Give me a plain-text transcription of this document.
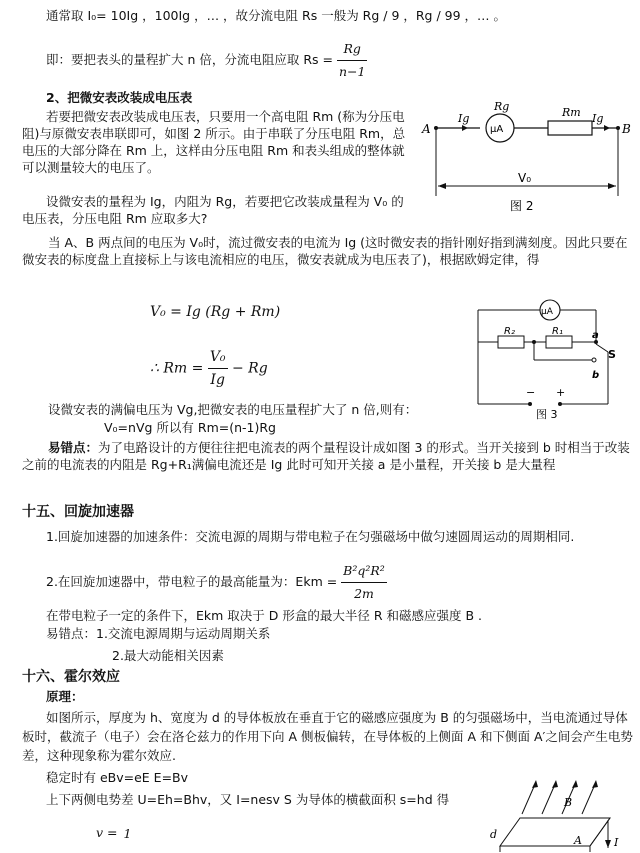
通常取 I₀= 10Ig ，100Ig ，… ，故分流电阻 Rs 一般为 Rg / 9 ，Rg / 99 ，… 。
即：要把表头的量程扩大 n 倍，分流电阻应取 $Rs = \frac{Rg}{n-1}$
2、把微安表改装成电压表
若要把微安表改装成电压表，只要用一个高电阻 Rm (称为分压电阻)与原微安表串联即可，如图 2 所示。由于串联了分压电阻 Rm，总电压的大部分降在 Rm 上，这样由分压电阻 Rm 和表头组成的整体就可以测量较大的电压了。
设微安表的量程为 Ig，内阻为 Rg，若要把它改装成量程为 V₀ 的电压表，分压电阻 Rm 应取多大?
A	B
Ig	Ig
Rg
μA
Rm
V₀
图 2
当 A、B 两点间的电压为 V₀时，流过微安表的电流为 Ig (这时微安表的指针刚好指到满刻度。因此只要在微安表的标度盘上直接标上与该电流相应的电压，微安表就成为电压表了)，根据欧姆定律，得
V₀ = Ig (Rg + Rm)
∴ $Rm = \frac{\text{V₀}}{Ig} - Rg$
μA
R₂	R₁	a
b
S
− +
图 3
设微安表的满偏电压为 Vg,把微安表的电压量程扩大了 n 倍,则有：
V₀=nVg 所以有 Rm=(n-1)Rg
易错点：为了电路设计的方便往往把电流表的两个量程设计成如图 3 的形式。当开关接到 b 时相当于改装之前的电流表的内阻是 Rg+R₁满偏电流还是 Ig 此时可知开关接 a 是小量程，开关接 b 是大量程
十五、回旋加速器
1.回旋加速器的加速条件：交流电源的周期与带电粒子在匀强磁场中做匀速圆周运动的周期相同.
2.在回旋加速器中，带电粒子的最高能量为：Ekm = $\frac{\text{B²q²R²}}{2m}$
在带电粒子一定的条件下，Ekm 取决于 D 形盒的最大半径 R 和磁感应强度 B .
易错点：1.交流电源周期与运动周期关系
2.最大动能相关因素
十六、霍尔效应
原理：
如图所示，厚度为 h、宽度为 d 的导体板放在垂直于它的磁感应强度为 B 的匀强磁场中，当电流通过导体板时，截流子（电子）会在洛仑兹力的作用下向 A 侧板偏转，在导体板的上侧面 A 和下侧面 A′之间会产生电势差，这种现象称为霍尔效应.
稳定时有 eBv=eE E=Bv
上下两侧电势差 U=Eh=Bhv，又 I=nesv S 为导体的横截面积 s=hd 得
v = 1
B
d	A	I
